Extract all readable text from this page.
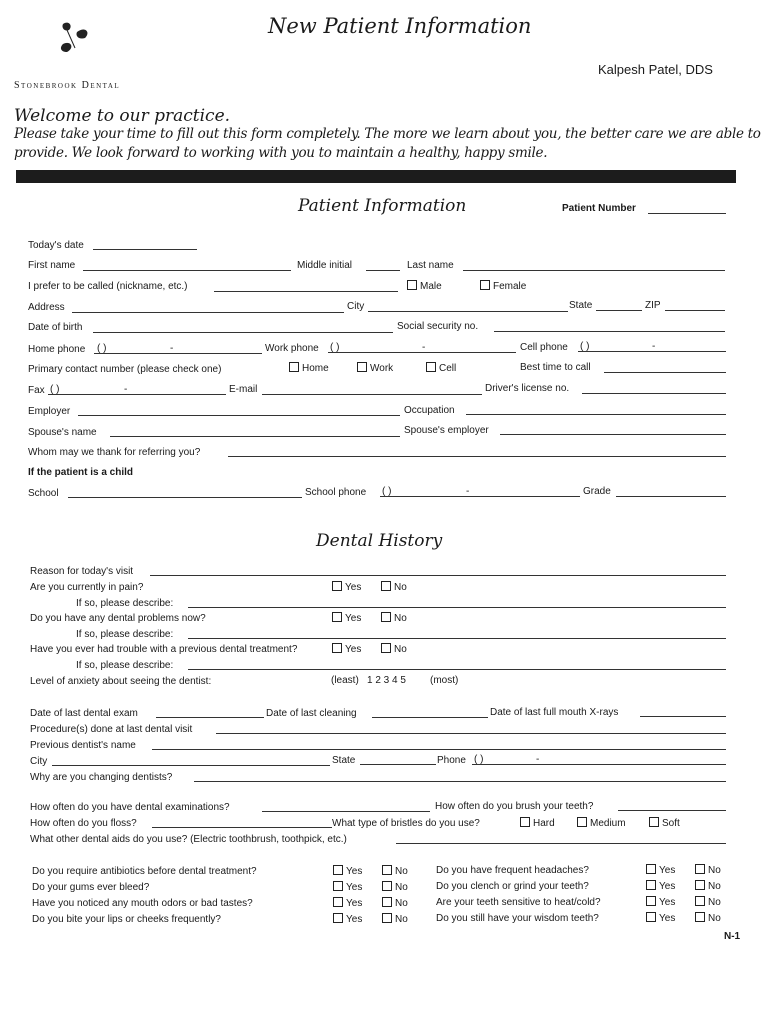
Stonebrook Dental
New Patient Information
Kalpesh Patel, DDS
Welcome to our practice.
Please take your time to fill out this form completely. The more we learn about you, the better care we are able to
provide. We look forward to working with you to maintain a healthy, happy smile.
Patient Information	Patient Number
Today's date
First name	Middle initial	Last name
I prefer to be called (nickname, etc.)	Male	Female
Address	City	State	ZIP
Date of birth	Social security no.
Home phone ( )	-	Work phone ( )	-	Cell phone ( )	-
Primary contact number (please check one)	Home	Work	Cell	Best time to call
Fax ( )	-	E-mail	Driver's license no.
Employer	Occupation
Spouse's name	Spouse's employer
Whom may we thank for referring you?
If the patient is a child
School	School phone ( )	-	Grade
Dental History
Reason for today's visit
Are you currently in pain?	Yes	No
If so, please describe:
Do you have any dental problems now?	Yes	No
If so, please describe:
Have you ever had trouble with a previous dental treatment?	Yes	No
If so, please describe:
Level of anxiety about seeing the dentist:	(least) 1 2 3 4 5 (most)
Date of last dental exam	Date of last cleaning	Date of last full mouth X-rays
Procedure(s) done at last dental visit
Previous dentist's name
City	State	Phone ( )	-
Why are you changing dentists?
How often do you have dental examinations?	How often do you brush your teeth?
How often do you floss?	What type of bristles do you use?	Hard	Medium	Soft
What other dental aids do you use? (Electric toothbrush, toothpick, etc.)
Do you require antibiotics before dental treatment?	Yes	No
Do your gums ever bleed?	Yes	No
Have you noticed any mouth odors or bad tastes?	Yes	No
Do you bite your lips or cheeks frequently?	Yes	No
Do you have frequent headaches?	Yes	No
Do you clench or grind your teeth?	Yes	No
Are your teeth sensitive to heat/cold?	Yes	No
Do you still have your wisdom teeth?	Yes	No
N-1
